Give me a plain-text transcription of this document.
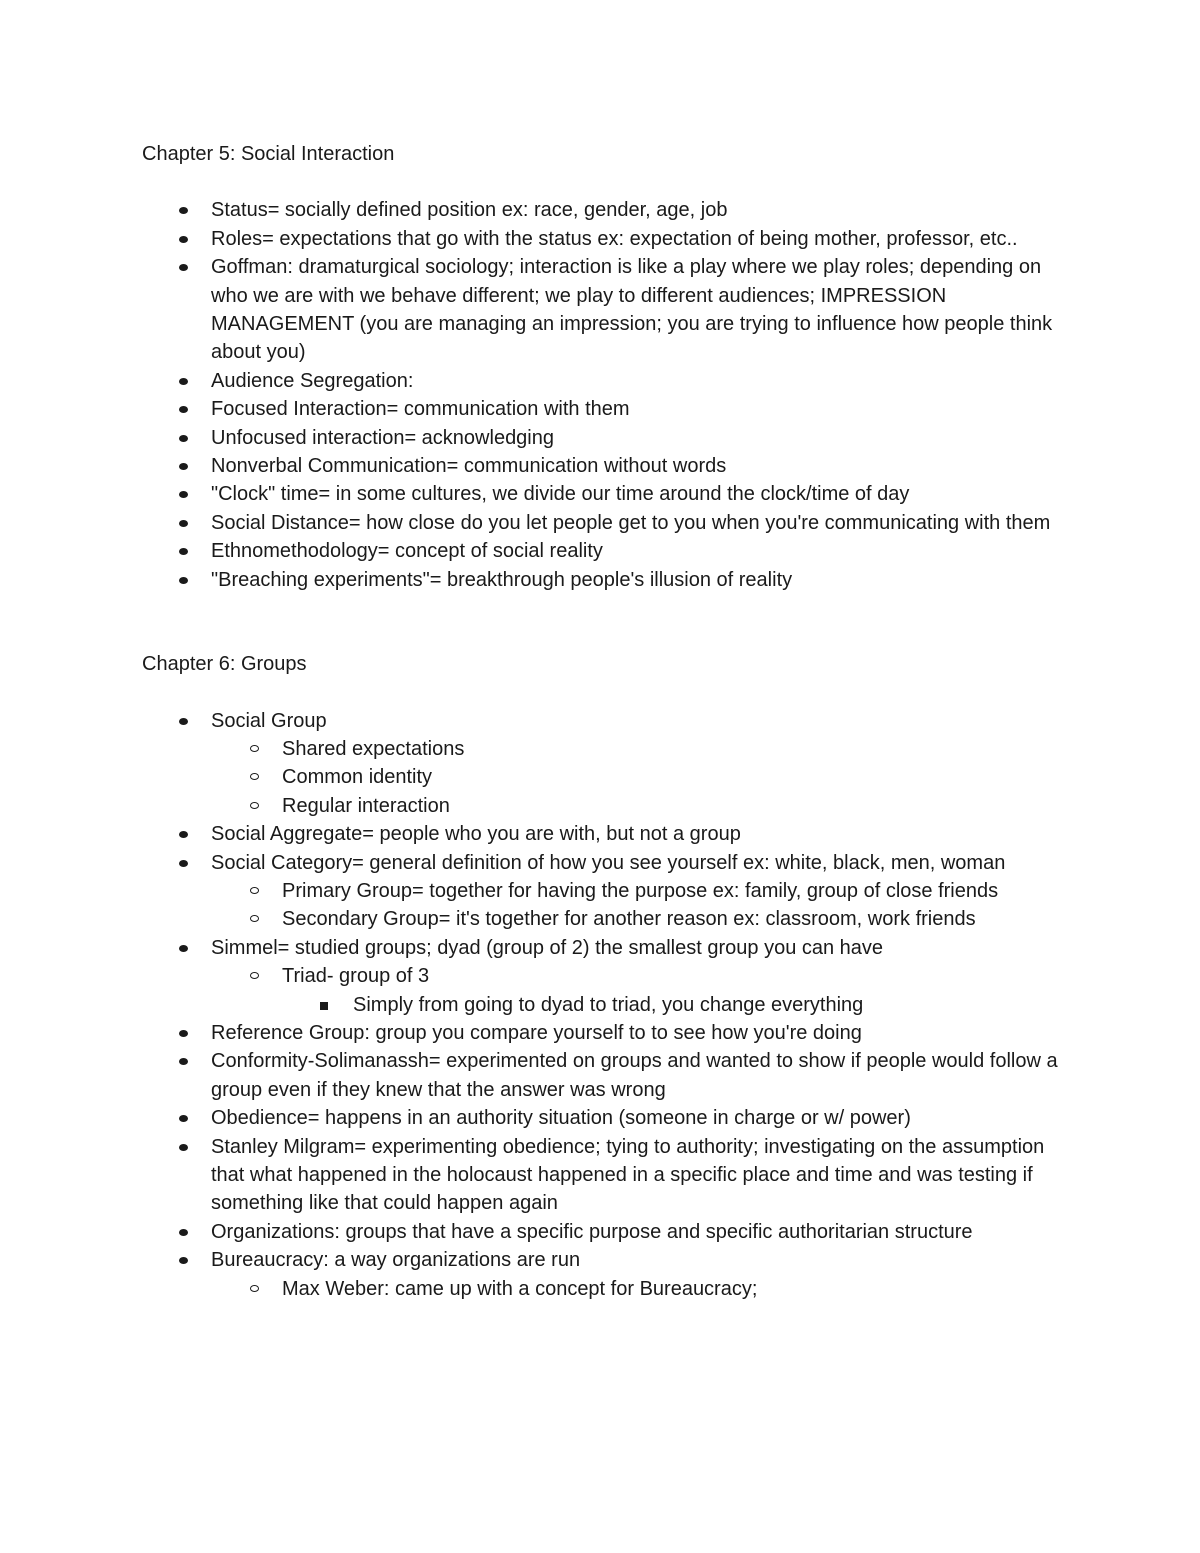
Chapter 5: Social Interaction
Status= socially defined position ex: race, gender, age, job
Roles= expectations that go with the status ex: expectation of being mother, professor, etc..
Goffman: dramaturgical sociology; interaction is like a play where we play roles; depending on who we are with we behave different; we play to different audiences; IMPRESSION MANAGEMENT (you are managing an impression; you are trying to influence how people think about you)
Audience Segregation:
Focused Interaction= communication with them
Unfocused interaction= acknowledging
Nonverbal Communication= communication without words
"Clock" time= in some cultures, we divide our time around the clock/time of day
Social Distance= how close do you let people get to you when you're communicating with them
Ethnomethodology= concept of social reality
"Breaching experiments"= breakthrough people's illusion of reality
Chapter 6: Groups
Social Group
Shared expectations
Common identity
Regular interaction
Social Aggregate= people who you are with, but not a group
Social Category= general definition of how you see yourself ex: white, black, men, woman
Primary Group= together for having the purpose ex: family, group of close friends
Secondary Group= it's together for another reason ex: classroom, work friends
Simmel= studied groups; dyad (group of 2) the smallest group you can have
Triad- group of 3
Simply from going to dyad to triad, you change everything
Reference Group: group you compare yourself to to see how you're doing
Conformity-Solimanassh= experimented on groups and wanted to show if people would follow a group even if they knew that the answer was wrong
Obedience= happens in an authority situation (someone in charge or w/ power)
Stanley Milgram= experimenting obedience; tying to authority; investigating on the assumption that what happened in the holocaust happened in a specific place and time and was testing if something like that could happen again
Organizations: groups that have a specific purpose and specific authoritarian structure
Bureaucracy: a way organizations are run
Max Weber: came up with a concept for Bureaucracy;
